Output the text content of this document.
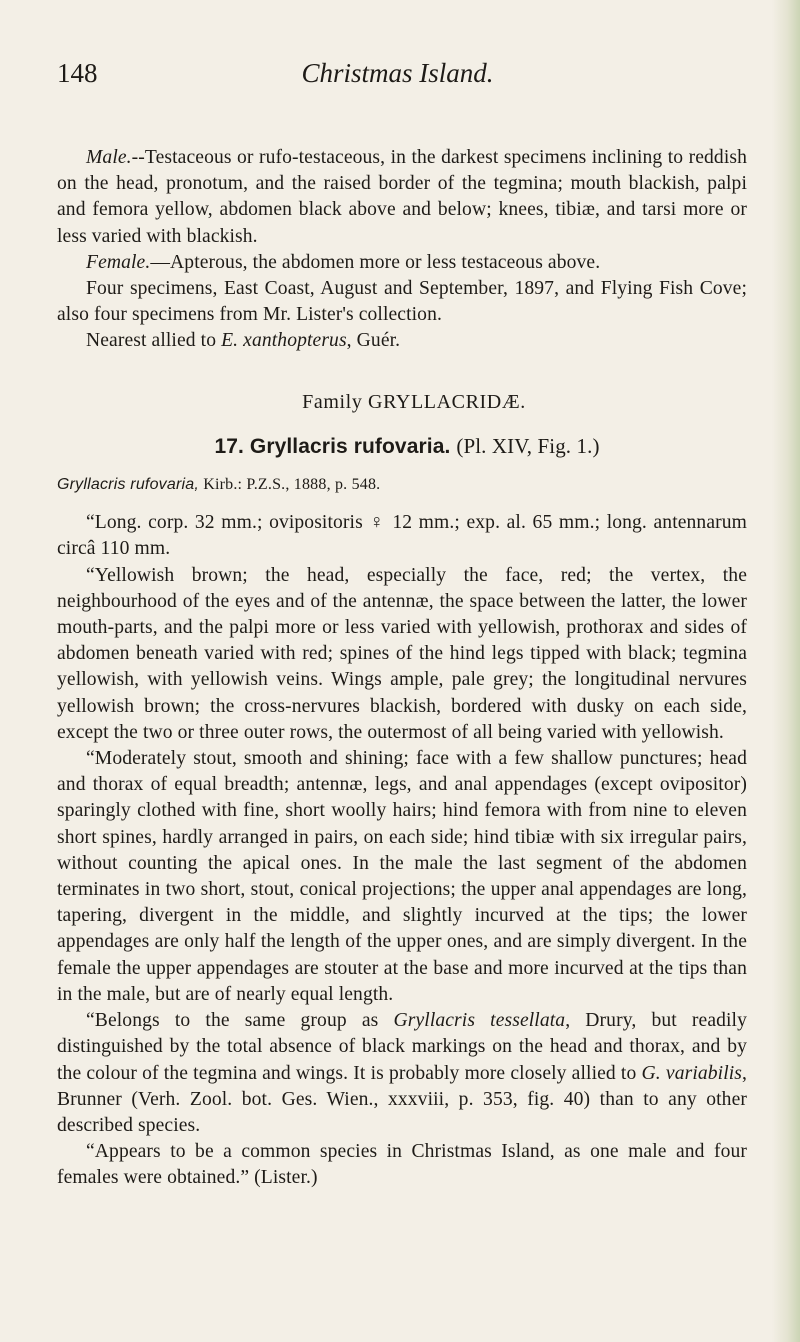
148	Christmas Island.

Male.--Testaceous or rufo-testaceous, in the darkest specimens inclining to reddish on the head, pronotum, and the raised border of the tegmina; mouth blackish, palpi and femora yellow, abdomen black above and below; knees, tibiæ, and tarsi more or less varied with blackish.

Female.—Apterous, the abdomen more or less testaceous above.

Four specimens, East Coast, August and September, 1897, and Flying Fish Cove; also four specimens from Mr. Lister's collection.

Nearest allied to E. xanthopterus, Guér.

Family GRYLLACRIDÆ.

17. Gryllacris rufovaria. (Pl. XIV, Fig. 1.)

Gryllacris rufovaria, Kirb.: P.Z.S., 1888, p. 548.

“Long. corp. 32 mm.; ovipositoris ♀ 12 mm.; exp. al. 65 mm.; long. antennarum circâ 110 mm.

“Yellowish brown; the head, especially the face, red; the vertex, the neighbourhood of the eyes and of the antennæ, the space between the latter, the lower mouth-parts, and the palpi more or less varied with yellowish, prothorax and sides of abdomen beneath varied with red; spines of the hind legs tipped with black; tegmina yellowish, with yellowish veins. Wings ample, pale grey; the longitudinal nervures yellowish brown; the cross-nervures blackish, bordered with dusky on each side, except the two or three outer rows, the outermost of all being varied with yellowish.

“Moderately stout, smooth and shining; face with a few shallow punctures; head and thorax of equal breadth; antennæ, legs, and anal appendages (except ovipositor) sparingly clothed with fine, short woolly hairs; hind femora with from nine to eleven short spines, hardly arranged in pairs, on each side; hind tibiæ with six irregular pairs, without counting the apical ones. In the male the last segment of the abdomen terminates in two short, stout, conical projections; the upper anal appendages are long, tapering, divergent in the middle, and slightly incurved at the tips; the lower appendages are only half the length of the upper ones, and are simply divergent. In the female the upper appendages are stouter at the base and more incurved at the tips than in the male, but are of nearly equal length.

“Belongs to the same group as Gryllacris tessellata, Drury, but readily distinguished by the total absence of black markings on the head and thorax, and by the colour of the tegmina and wings. It is probably more closely allied to G. variabilis, Brunner (Verh. Zool. bot. Ges. Wien., xxxviii, p. 353, fig. 40) than to any other described species.

“Appears to be a common species in Christmas Island, as one male and four females were obtained.” (Lister.)
